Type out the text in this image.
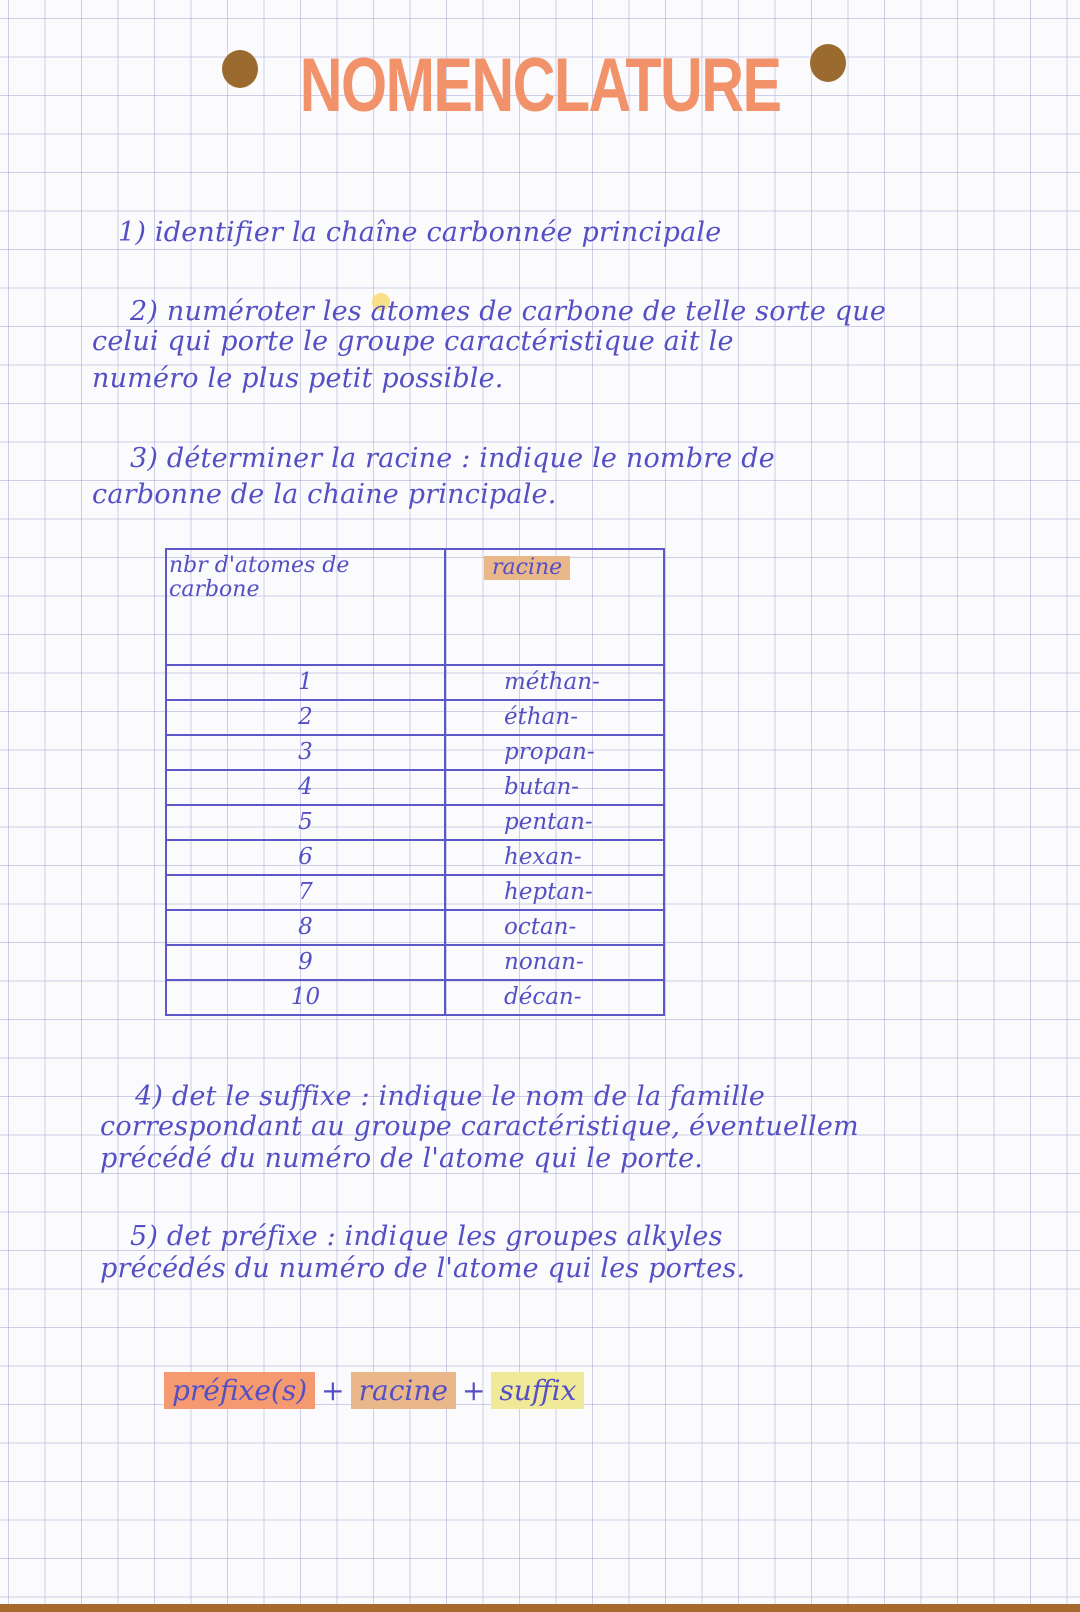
NOMENCLATURE
1) identifier la chaîne carbonnée principale
2) numéroter les atomes de carbone de telle sorte que
celui qui porte le groupe caractéristique ait le
numéro le plus petit possible.
3) déterminer la racine : indique le nombre de
carbonne de la chaine principale.
nbr d'atomes de carbone	racine
1	méthan-
2	éthan-
3	propan-
4	butan-
5	pentan-
6	hexan-
7	heptan-
8	octan-
9	nonan-
10	décan-
4) det le suffixe : indique le nom de la famille
correspondant au groupe caractéristique, éventuellem
précédé du numéro de l'atome qui le porte.
5) det préfixe : indique les groupes alkyles
précédés du numéro de l'atome qui les portes.
préfixe(s) + racine + suffix
